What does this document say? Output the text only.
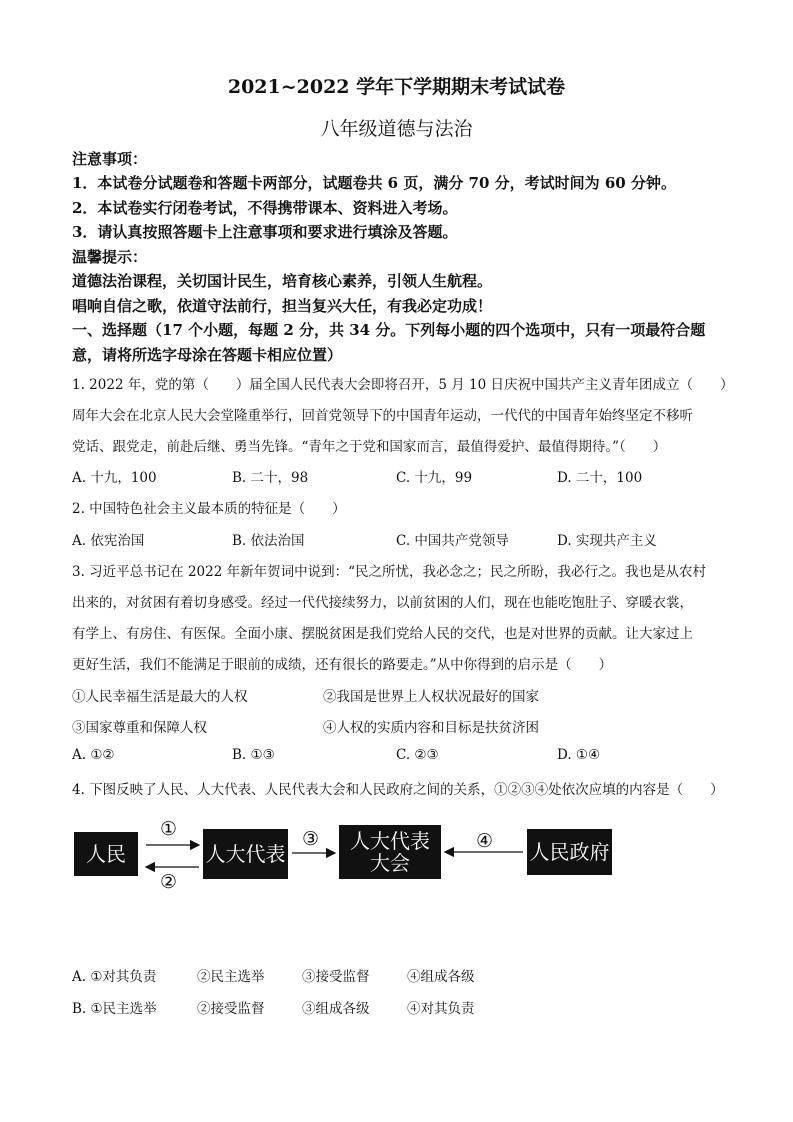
2021~2022 学年下学期期末考试试卷
八年级道德与法治
注意事项：
1．本试卷分试题卷和答题卡两部分，试题卷共 6 页，满分 70 分，考试时间为 60 分钟。
2．本试卷实行闭卷考试，不得携带课本、资料进入考场。
3．请认真按照答题卡上注意事项和要求进行填涂及答题。
温馨提示：
道德法治课程，关切国计民生，培育核心素养，引领人生航程。
唱响自信之歌，依道守法前行，担当复兴大任，有我必定功成！
一、选择题（17 个小题，每题 2 分，共 34 分。下列每小题的四个选项中，只有一项最符合题
意，请将所选字母涂在答题卡相应位置）
1. 2022 年，党的第（　　）届全国人民代表大会即将召开，5 月 10 日庆祝中国共产主义青年团成立（　　）
周年大会在北京人民大会堂隆重举行，回首党领导下的中国青年运动，一代代的中国青年始终坚定不移听
党话、跟党走，前赴后继、勇当先锋。“青年之于党和国家而言，最值得爱护、最值得期待。”（　　）
A. 十九，100	B. 二十，98	C. 十九，99	D. 二十，100
2. 中国特色社会主义最本质的特征是（　　）
A. 依宪治国	B. 依法治国	C. 中国共产党领导	D. 实现共产主义
3. 习近平总书记在 2022 年新年贺词中说到：“民之所忧，我必念之；民之所盼，我必行之。我也是从农村
出来的，对贫困有着切身感受。经过一代代接续努力，以前贫困的人们，现在也能吃饱肚子、穿暖衣裳，
有学上、有房住、有医保。全面小康、摆脱贫困是我们党给人民的交代，也是对世界的贡献。让大家过上
更好生活，我们不能满足于眼前的成绩，还有很长的路要走。”从中你得到的启示是（　　）
①人民幸福生活是最大的人权	②我国是世界上人权状况最好的国家
③国家尊重和保障人权	④人权的实质内容和目标是扶贫济困
A. ①②	B. ①③	C. ②③	D. ①④
4. 下图反映了人民、人大代表、人民代表大会和人民政府之间的关系，①②③④处依次应填的内容是（　　）
人民	人大代表
人大代表
大会	人民政府
①
②
③	④
A. ①对其负责	②民主选举	③接受监督	④组成各级
B. ①民主选举	②接受监督	③组成各级	④对其负责
